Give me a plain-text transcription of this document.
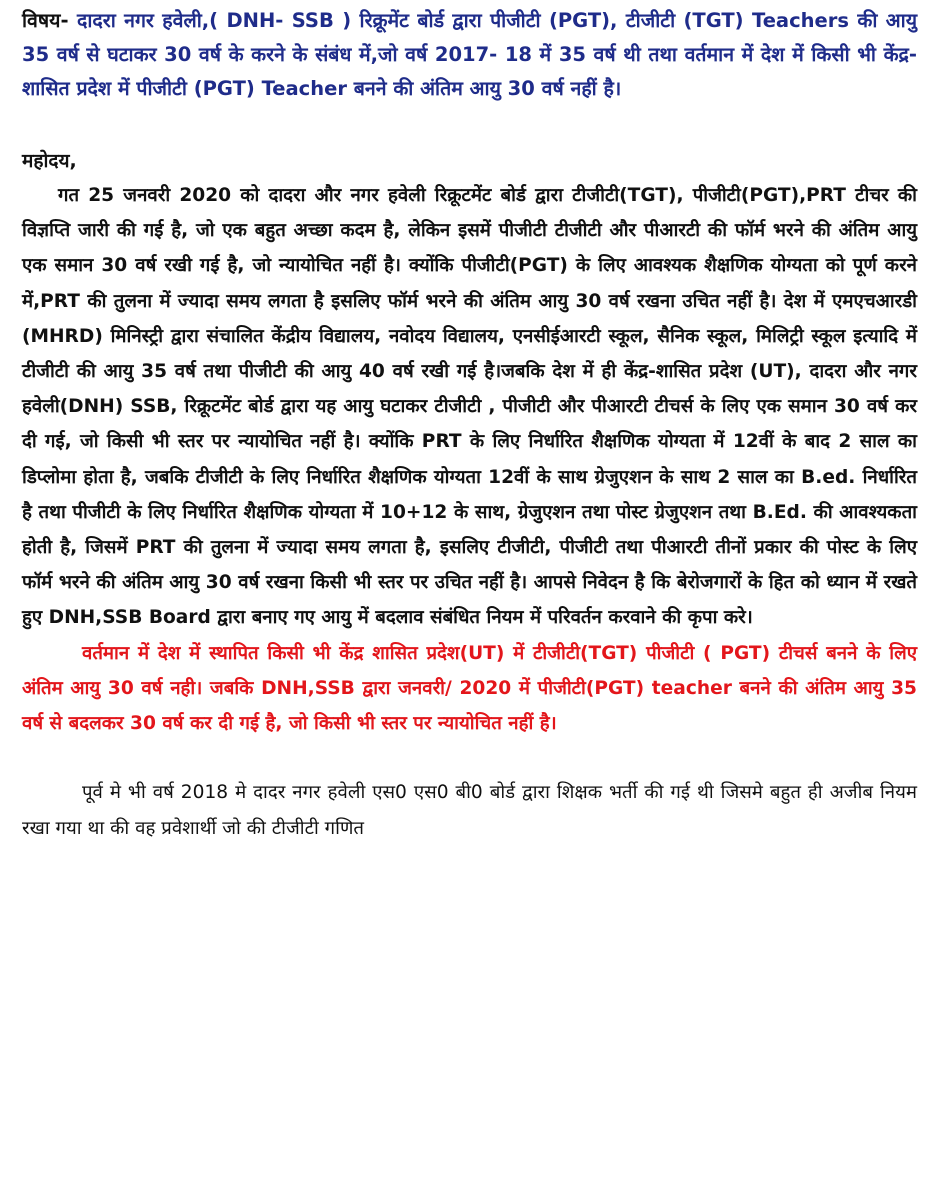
विषय- दादरा नगर हवेली,( DNH- SSB ) रिक्रूमेंट बोर्ड द्वारा पीजीटी (PGT), टीजीटी (TGT) Teachers की आयु 35 वर्ष से घटाकर 30 वर्ष के करने के संबंध में,जो वर्ष 2017- 18 में 35 वर्ष थी तथा वर्तमान में देश में किसी भी केंद्र-शासित प्रदेश में पीजीटी (PGT) Teacher बनने की अंतिम आयु 30 वर्ष नहीं है।

महोदय,

गत 25 जनवरी 2020 को दादरा और नगर हवेली रिक्रूटमेंट बोर्ड द्वारा टीजीटी(TGT), पीजीटी(PGT),PRT टीचर की विज्ञप्ति जारी की गई है, जो एक बहुत अच्छा कदम है, लेकिन इसमें पीजीटी टीजीटी और पीआरटी की फॉर्म भरने की अंतिम आयु एक समान 30 वर्ष रखी गई है, जो न्यायोचित नहीं है। क्योंकि पीजीटी(PGT) के लिए आवश्यक शैक्षणिक योग्यता को पूर्ण करने में,PRT की तुलना में ज्यादा समय लगता है इसलिए फॉर्म भरने की अंतिम आयु 30 वर्ष रखना उचित नहीं है। देश में एमएचआरडी (MHRD) मिनिस्ट्री द्वारा संचालित केंद्रीय विद्यालय, नवोदय विद्यालय, एनसीईआरटी स्कूल, सैनिक स्कूल, मिलिट्री स्कूल इत्यादि में टीजीटी की आयु 35 वर्ष तथा पीजीटी की आयु 40 वर्ष रखी गई है।जबकि देश में ही केंद्र-शासित प्रदेश (UT), दादरा और नगर हवेली(DNH) SSB, रिक्रूटमेंट बोर्ड द्वारा यह आयु घटाकर टीजीटी , पीजीटी और पीआरटी टीचर्स के लिए एक समान 30 वर्ष कर दी गई, जो किसी भी स्तर पर न्यायोचित नहीं है। क्योंकि PRT के लिए निर्धारित शैक्षणिक योग्यता में 12वीं के बाद 2 साल का डिप्लोमा होता है, जबकि टीजीटी के लिए निर्धारित शैक्षणिक योग्यता 12वीं के साथ ग्रेजुएशन के साथ 2 साल का B.ed. निर्धारित है तथा पीजीटी के लिए निर्धारित शैक्षणिक योग्यता में 10+12 के साथ, ग्रेजुएशन तथा पोस्ट ग्रेजुएशन तथा B.Ed. की आवश्यकता होती है, जिसमें PRT की तुलना में ज्यादा समय लगता है, इसलिए टीजीटी, पीजीटी तथा पीआरटी तीनों प्रकार की पोस्ट के लिए फॉर्म भरने की अंतिम आयु 30 वर्ष रखना किसी भी स्तर पर उचित नहीं है। आपसे निवेदन है कि बेरोजगारों के हित को ध्यान में रखते हुए DNH,SSB Board द्वारा बनाए गए आयु में बदलाव संबंधित नियम में परिवर्तन करवाने की कृपा करे।

वर्तमान में देश में स्थापित किसी भी केंद्र शासित प्रदेश(UT) में टीजीटी(TGT) पीजीटी ( PGT) टीचर्स बनने के लिए अंतिम आयु 30 वर्ष नही। जबकि DNH,SSB द्वारा जनवरी/ 2020 में पीजीटी(PGT) teacher बनने की अंतिम आयु 35 वर्ष से बदलकर 30 वर्ष कर दी गई है, जो किसी भी स्तर पर न्यायोचित नहीं है।

पूर्व मे भी वर्ष 2018 मे दादर नगर हवेली एस0 एस0 बी0 बोर्ड द्वारा शिक्षक भर्ती की गई थी जिसमे बहुत ही अजीब नियम रखा गया था की वह प्रवेशार्थी जो की टीजीटी गणित
